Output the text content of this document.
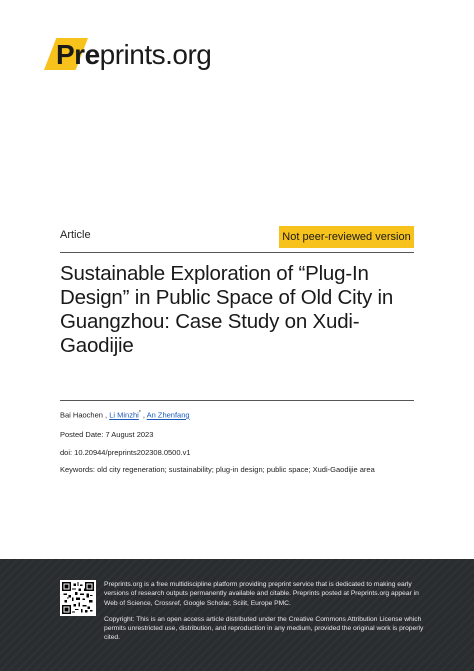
Pre prints.org
Article	Not peer-reviewed version
Sustainable Exploration of “Plug-In Design” in Public Space of Old City in Guangzhou: Case Study on Xudi-Gaodijie
Bai Haochen , Li Minzhi* , An Zhenfang
Posted Date: 7 August 2023
doi: 10.20944/preprints202308.0500.v1
Keywords: old city regeneration; sustainability; plug-in design; public space; Xudi-Gaodijie area

Preprints.org is a free multidiscipline platform providing preprint service that is dedicated to making early versions of research outputs permanently available and citable. Preprints posted at Preprints.org appear in Web of Science, Crossref, Google Scholar, Scilit, Europe PMC.

Copyright: This is an open access article distributed under the Creative Commons Attribution License which permits unrestricted use, distribution, and reproduction in any medium, provided the original work is properly cited.
